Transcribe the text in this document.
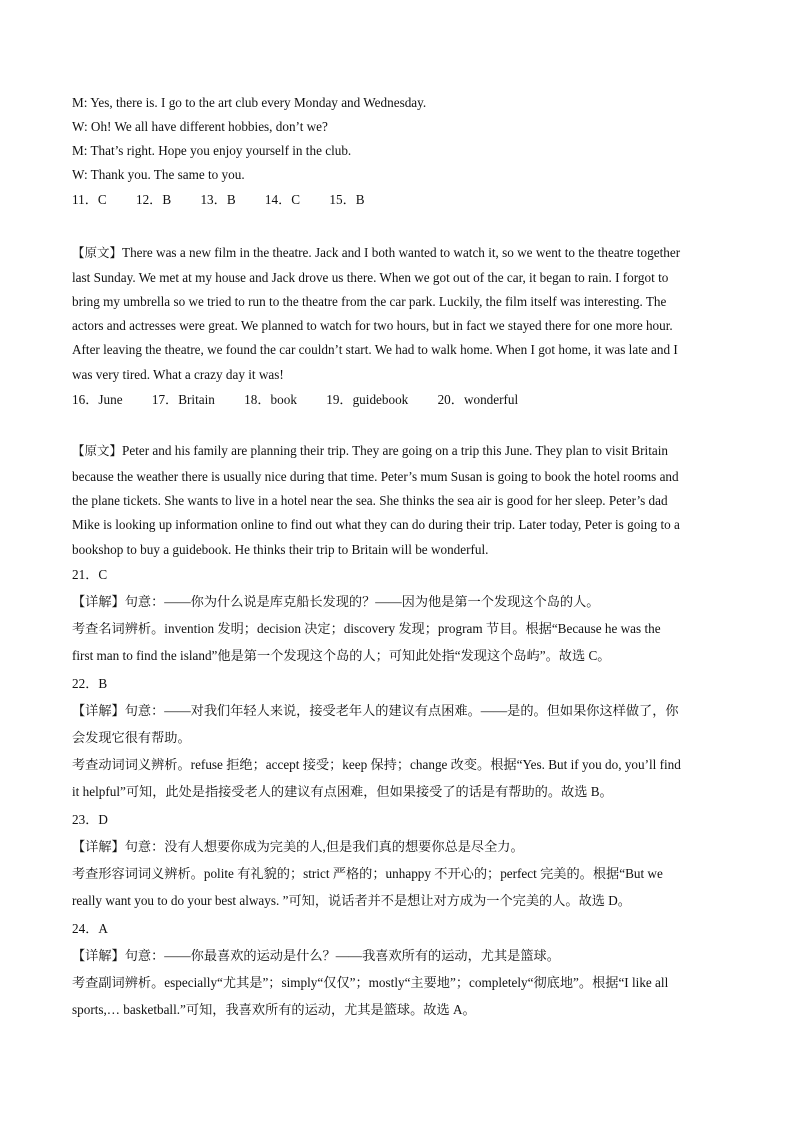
M: Yes, there is. I go to the art club every Monday and Wednesday.
W: Oh! We all have different hobbies, don’t we?
M: That’s right. Hope you enjoy yourself in the club.
W: Thank you. The same to you.
11．C 12．B 13．B 14．C 15．B
【原文】There was a new film in the theatre. Jack and I both wanted to watch it, so we went to the theatre together
last Sunday. We met at my house and Jack drove us there. When we got out of the car, it began to rain. I forgot to
bring my umbrella so we tried to run to the theatre from the car park. Luckily, the film itself was interesting. The
actors and actresses were great. We planned to watch for two hours, but in fact we stayed there for one more hour.
After leaving the theatre, we found the car couldn’t start. We had to walk home. When I got home, it was late and I
was very tired. What a crazy day it was!
16．June 17．Britain 18．book 19．guidebook 20．wonderful
【原文】Peter and his family are planning their trip. They are going on a trip this June. They plan to visit Britain
because the weather there is usually nice during that time. Peter’s mum Susan is going to book the hotel rooms and
the plane tickets. She wants to live in a hotel near the sea. She thinks the sea air is good for her sleep. Peter’s dad
Mike is looking up information online to find out what they can do during their trip. Later today, Peter is going to a
bookshop to buy a guidebook. He thinks their trip to Britain will be wonderful.
21．C
【详解】句意：——你为什么说是库克船长发现的？——因为他是第一个发现这个岛的人。
考查名词辨析。invention 发明；decision 决定；discovery 发现；program 节目。根据“Because he was the
first man to find the island”他是第一个发现这个岛的人；可知此处指“发现这个岛屿”。故选 C。
22．B
【详解】句意：——对我们年轻人来说，接受老年人的建议有点困难。——是的。但如果你这样做了，你
会发现它很有帮助。
考查动词词义辨析。refuse 拒绝；accept 接受；keep 保持；change 改变。根据“Yes. But if you do, you’ll find
it helpful”可知，此处是指接受老人的建议有点困难，但如果接受了的话是有帮助的。故选 B。
23．D
【详解】句意：没有人想要你成为完美的人,但是我们真的想要你总是尽全力。
考查形容词词义辨析。polite 有礼貌的；strict 严格的；unhappy 不开心的；perfect 完美的。根据“But we
really want you to do your best always. ”可知，说话者并不是想让对方成为一个完美的人。故选 D。
24．A
【详解】句意：——你最喜欢的运动是什么？——我喜欢所有的运动，尤其是篮球。
考查副词辨析。especially“尤其是”；simply“仅仅”；mostly“主要地”；completely“彻底地”。根据“I like all
sports,… basketball.”可知，我喜欢所有的运动，尤其是篮球。故选 A。
